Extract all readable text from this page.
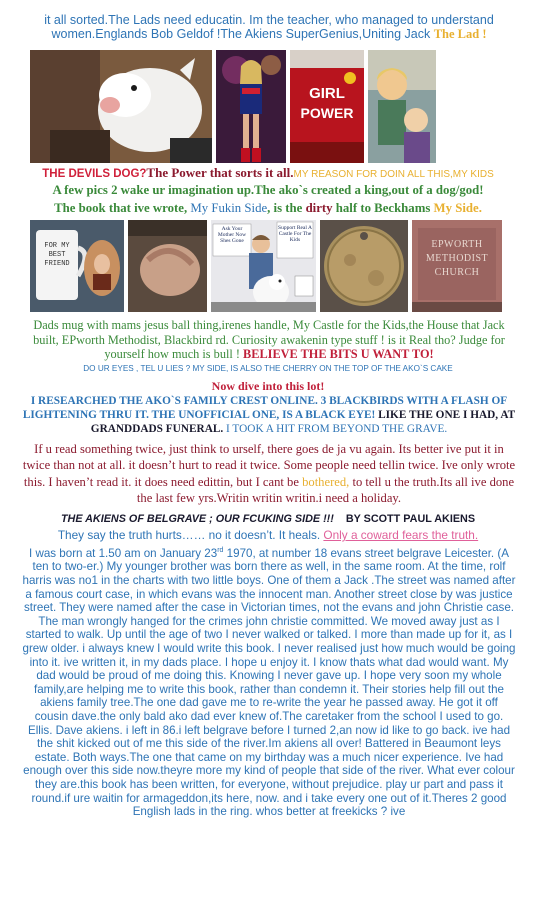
it all sorted.The Lads need educatin. Im the teacher, who managed to understand women.Englands Bob Geldof !The Akiens SuperGenius,Uniting Jack The Lad !
GIRL
POWER
THE DEVILS DOG?The Power that sorts it all.MY REASON FOR DOIN ALL THIS,MY KIDS
A few pics 2 wake ur imagination up.The ako`s created a king,out of a dog/god!
The book that ive wrote, My Fukin Side, is the dirty half to Beckhams My Side.
FOR MY BEST FRIEND
Ask Your Mother Now Shes Gone
Support Real A Castle For The Kids	EPWORTH METHODIST CHURCH
Dads mug with mams jesus ball thing,irenes handle, My Castle for the Kids,the House that Jack built, EPworth Methodist, Blackbird rd. Curiosity awakenin type stuff ! is it Real tho? Judge for yourself how much is bull ! BELIEVE THE BITS U WANT TO!
DO UR EYES , TEL U LIES ? MY SIDE, IS ALSO THE CHERRY ON THE TOP OF THE AKO`S CAKE
Now dive into this lot!
I RESEARCHED THE AKO`S FAMILY CREST ONLINE. 3 BLACKBIRDS WITH A FLASH OF LIGHTENING THRU IT. THE UNOFFICIAL ONE, IS A BLACK EYE! LIKE THE ONE I HAD, AT GRANDDADS FUNERAL. I TOOK A HIT FROM BEYOND THE GRAVE.
If u read something twice, just think to urself, there goes de ja vu again. Its better ive put it in twice than not at all. it doesn’t hurt to read it twice. Some people need tellin twice. Ive only wrote this. I haven’t read it. it does need edittin, but I cant be bothered, to tell u the truth.Its all ive done the last few yrs.Writin writin writin.i need a holiday.
THE AKIENS OF BELGRAVE ; OUR FCUKING SIDE !!! BY SCOTT PAUL AKIENS
They say the truth hurts…… no it doesn’t. It heals. Only a coward fears the truth.
I was born at 1.50 am on January 23rd 1970, at number 18 evans street belgrave Leicester. (A ten to two-er.) My younger brother was born there as well, in the same room. At the time, rolf harris was no1 in the charts with two little boys. One of them a Jack .The street was named after a famous court case, in which evans was the innocent man. Another street close by was justice street. They were named after the case in Victorian times, not the evans and john Christie case. The man wrongly hanged for the crimes john christie committed. We moved away just as I started to walk. Up until the age of two I never walked or talked. I more than made up for it, as I grew older. i always knew I would write this book. I never realised just how much would be going into it. ive written it, in my dads place. I hope u enjoy it. I know thats what dad would want. My dad would be proud of me doing this. Knowing I never gave up. I hope very soon my whole family,are helping me to write this book, rather than condemn it. Their stories help fill out the akiens family tree.The one dad gave me to re-write the year he passed away. He got it off cousin dave.the only bald ako dad ever knew of.The caretaker from the school I used to go. Ellis. Dave akiens. i left in 86.i left belgrave before I turned 2,an now id like to go back. ive had the shit kicked out of me this side of the river.Im akiens all over! Battered in Beaumont leys estate. Both ways.The one that came on my birthday was a much nicer experience. Ive had enough over this side now.theyre more my kind of people that side of the river. What ever colour they are.this book has been written, for everyone, without prejudice. play ur part and pass it round.if ure waitin for armageddon,its here, now. and i take every one out of it.Theres 2 good English lads in the ring. whos better at freekicks ? ive
